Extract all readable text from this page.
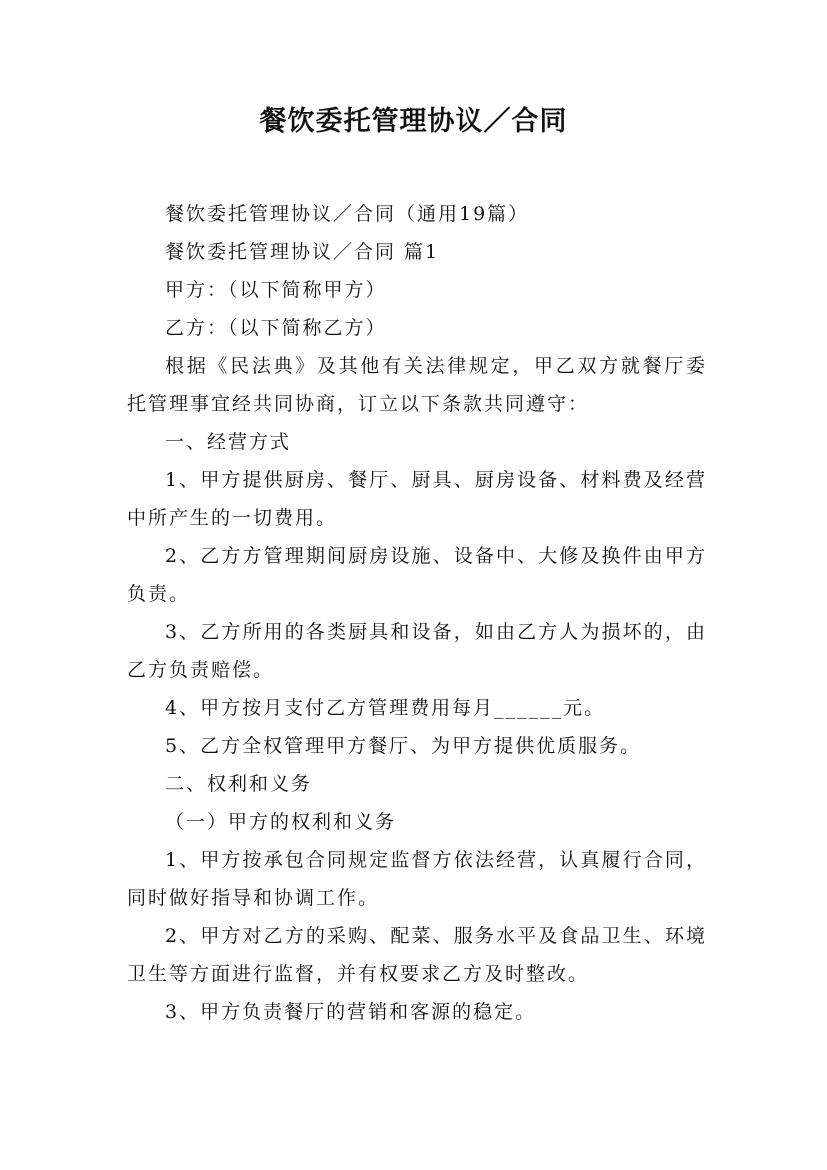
餐饮委托管理协议／合同

餐饮委托管理协议／合同（通用19篇）

餐饮委托管理协议／合同 篇1

甲方：（以下简称甲方）

乙方：（以下简称乙方）

根据《民法典》及其他有关法律规定，甲乙双方就餐厅委托管理事宜经共同协商，订立以下条款共同遵守：

一、经营方式

1、甲方提供厨房、餐厅、厨具、厨房设备、材料费及经营中所产生的一切费用。

2、乙方方管理期间厨房设施、设备中、大修及换件由甲方负责。

3、乙方所用的各类厨具和设备，如由乙方人为损坏的，由乙方负责赔偿。

4、甲方按月支付乙方管理费用每月______元。

5、乙方全权管理甲方餐厅、为甲方提供优质服务。

二、权利和义务

（一）甲方的权利和义务

1、甲方按承包合同规定监督方依法经营，认真履行合同，同时做好指导和协调工作。

2、甲方对乙方的采购、配菜、服务水平及食品卫生、环境卫生等方面进行监督，并有权要求乙方及时整改。

3、甲方负责餐厅的营销和客源的稳定。
